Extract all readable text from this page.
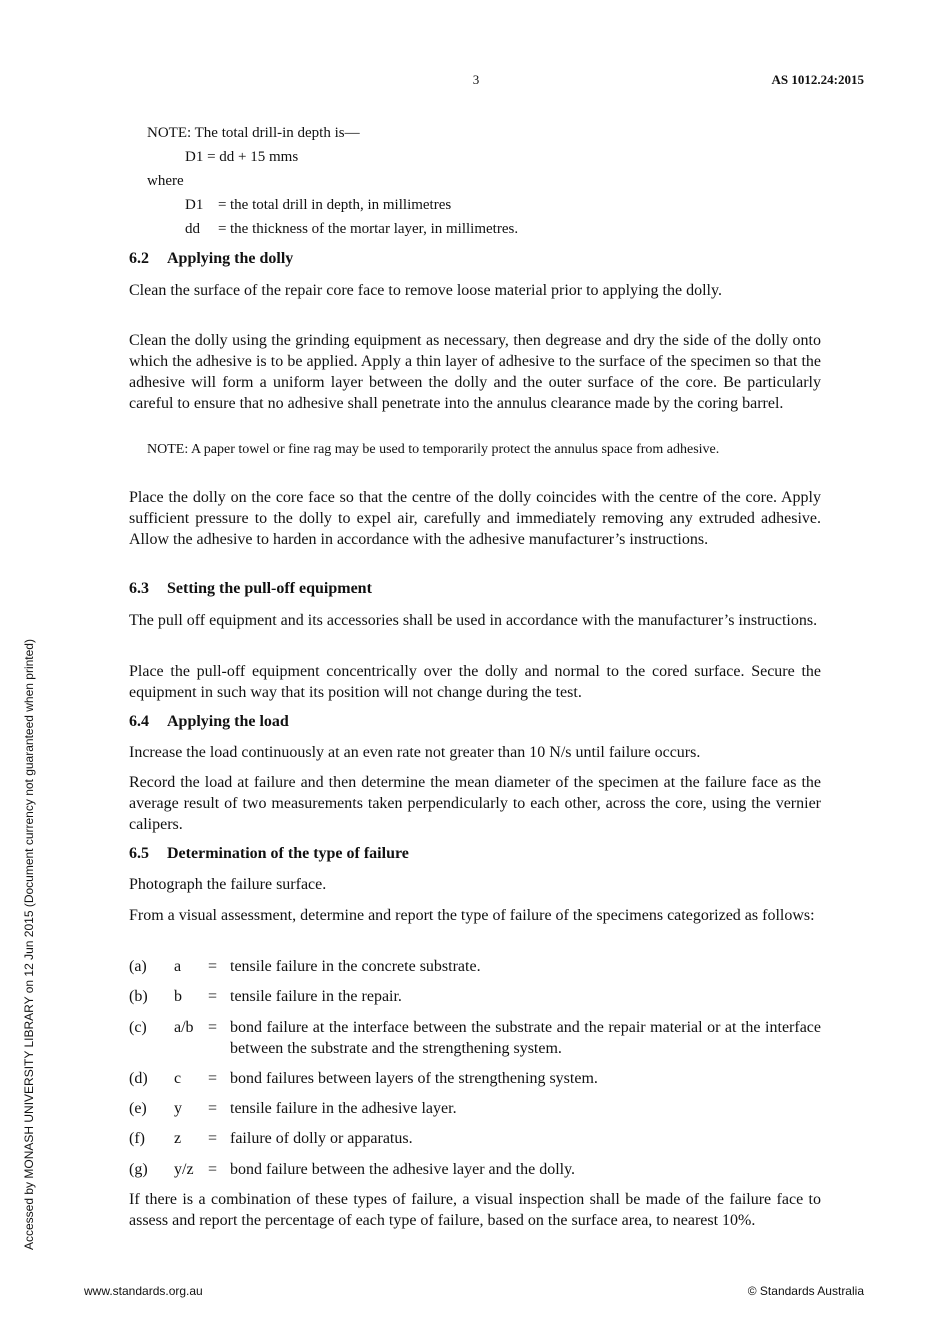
3	AS 1012.24:2015
Accessed by MONASH UNIVERSITY LIBRARY on 12 Jun 2015 (Document currency not guaranteed when printed)
NOTE: The total drill-in depth is—
D1 = dd + 15 mms
where
D1 = the total drill in depth, in millimetres
dd = the thickness of the mortar layer, in millimetres.
6.2 Applying the dolly
Clean the surface of the repair core face to remove loose material prior to applying the dolly.
Clean the dolly using the grinding equipment as necessary, then degrease and dry the side of the dolly onto which the adhesive is to be applied. Apply a thin layer of adhesive to the surface of the specimen so that the adhesive will form a uniform layer between the dolly and the outer surface of the core. Be particularly careful to ensure that no adhesive shall penetrate into the annulus clearance made by the coring barrel.
NOTE: A paper towel or fine rag may be used to temporarily protect the annulus space from adhesive.
Place the dolly on the core face so that the centre of the dolly coincides with the centre of the core. Apply sufficient pressure to the dolly to expel air, carefully and immediately removing any extruded adhesive. Allow the adhesive to harden in accordance with the adhesive manufacturer’s instructions.
6.3 Setting the pull-off equipment
The pull off equipment and its accessories shall be used in accordance with the manufacturer’s instructions.
Place the pull-off equipment concentrically over the dolly and normal to the cored surface. Secure the equipment in such way that its position will not change during the test.
6.4 Applying the load
Increase the load continuously at an even rate not greater than 10 N/s until failure occurs.
Record the load at failure and then determine the mean diameter of the specimen at the failure face as the average result of two measurements taken perpendicularly to each other, across the core, using the vernier calipers.
6.5 Determination of the type of failure
Photograph the failure surface.
From a visual assessment, determine and report the type of failure of the specimens categorized as follows:
(a) a = tensile failure in the concrete substrate.
(b) b = tensile failure in the repair.
(c) a/b = bond failure at the interface between the substrate and the repair material or at the interface between the substrate and the strengthening system.
(d) c = bond failures between layers of the strengthening system.
(e) y = tensile failure in the adhesive layer.
(f) z = failure of dolly or apparatus.
(g) y/z = bond failure between the adhesive layer and the dolly.
If there is a combination of these types of failure, a visual inspection shall be made of the failure face to assess and report the percentage of each type of failure, based on the surface area, to nearest 10%.
www.standards.org.au	© Standards Australia
